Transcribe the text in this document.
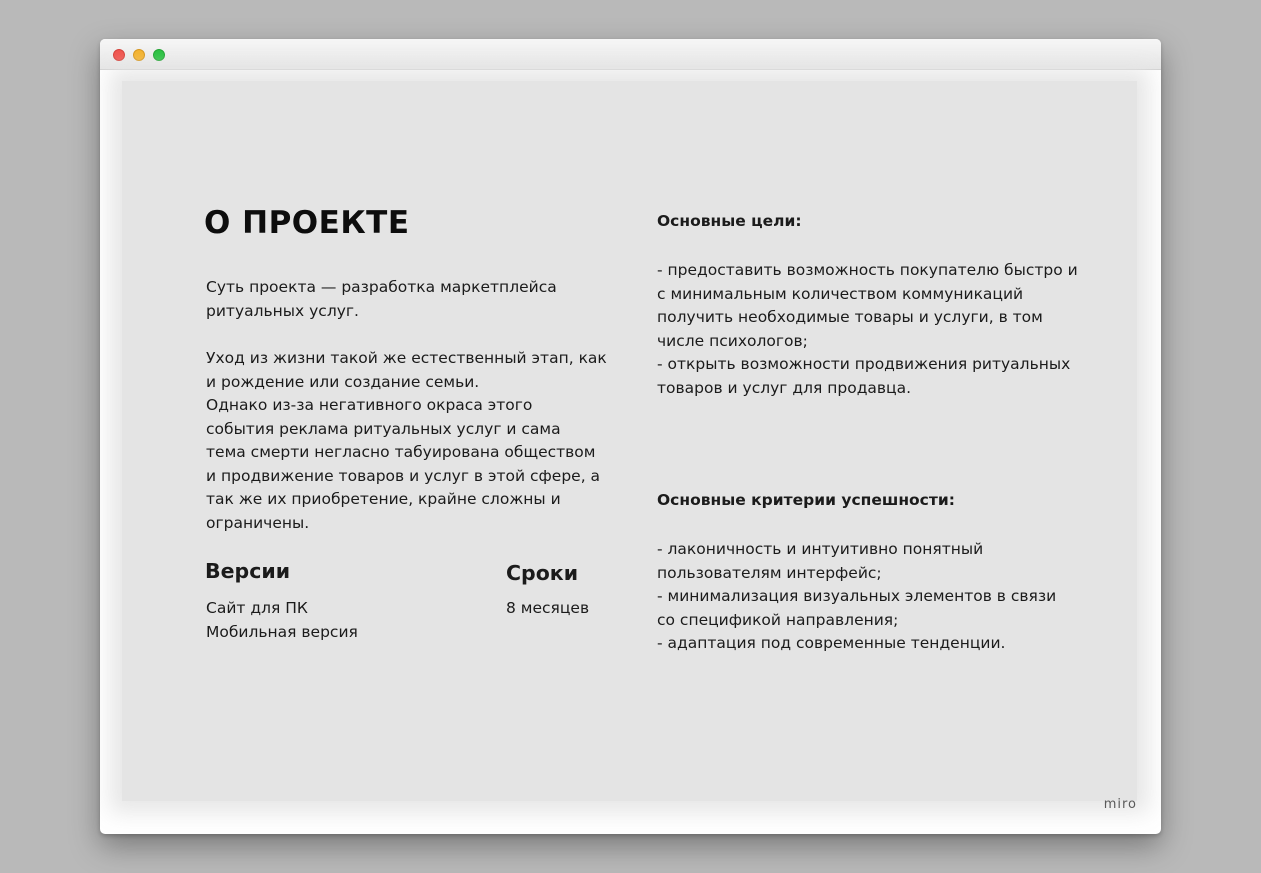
О ПРОЕКТЕ

Суть проекта — разработка маркетплейса
ритуальных услуг.

Уход из жизни такой же естественный этап, как
и рождение или создание семьи.
Однако из-за негативного окраса этого
события реклама ритуальных услуг и сама
тема смерти негласно табуирована обществом
и продвижение товаров и услуг в этой сфере, а
так же их приобретение, крайне сложны и
ограничены.

Версии

Сайт для ПК
Мобильная версия

Сроки

8 месяцев

Основные цели:

- предоставить возможность покупателю быстро и
с минимальным количеством коммуникаций
получить необходимые товары и услуги, в том
числе психологов;
- открыть возможности продвижения ритуальных
товаров и услуг для продавца.

Основные критерии успешности:

- лаконичность и интуитивно понятный
пользователям интерфейс;
- минимализация визуальных элементов в связи
со спецификой направления;
- адаптация под современные тенденции.

miro
